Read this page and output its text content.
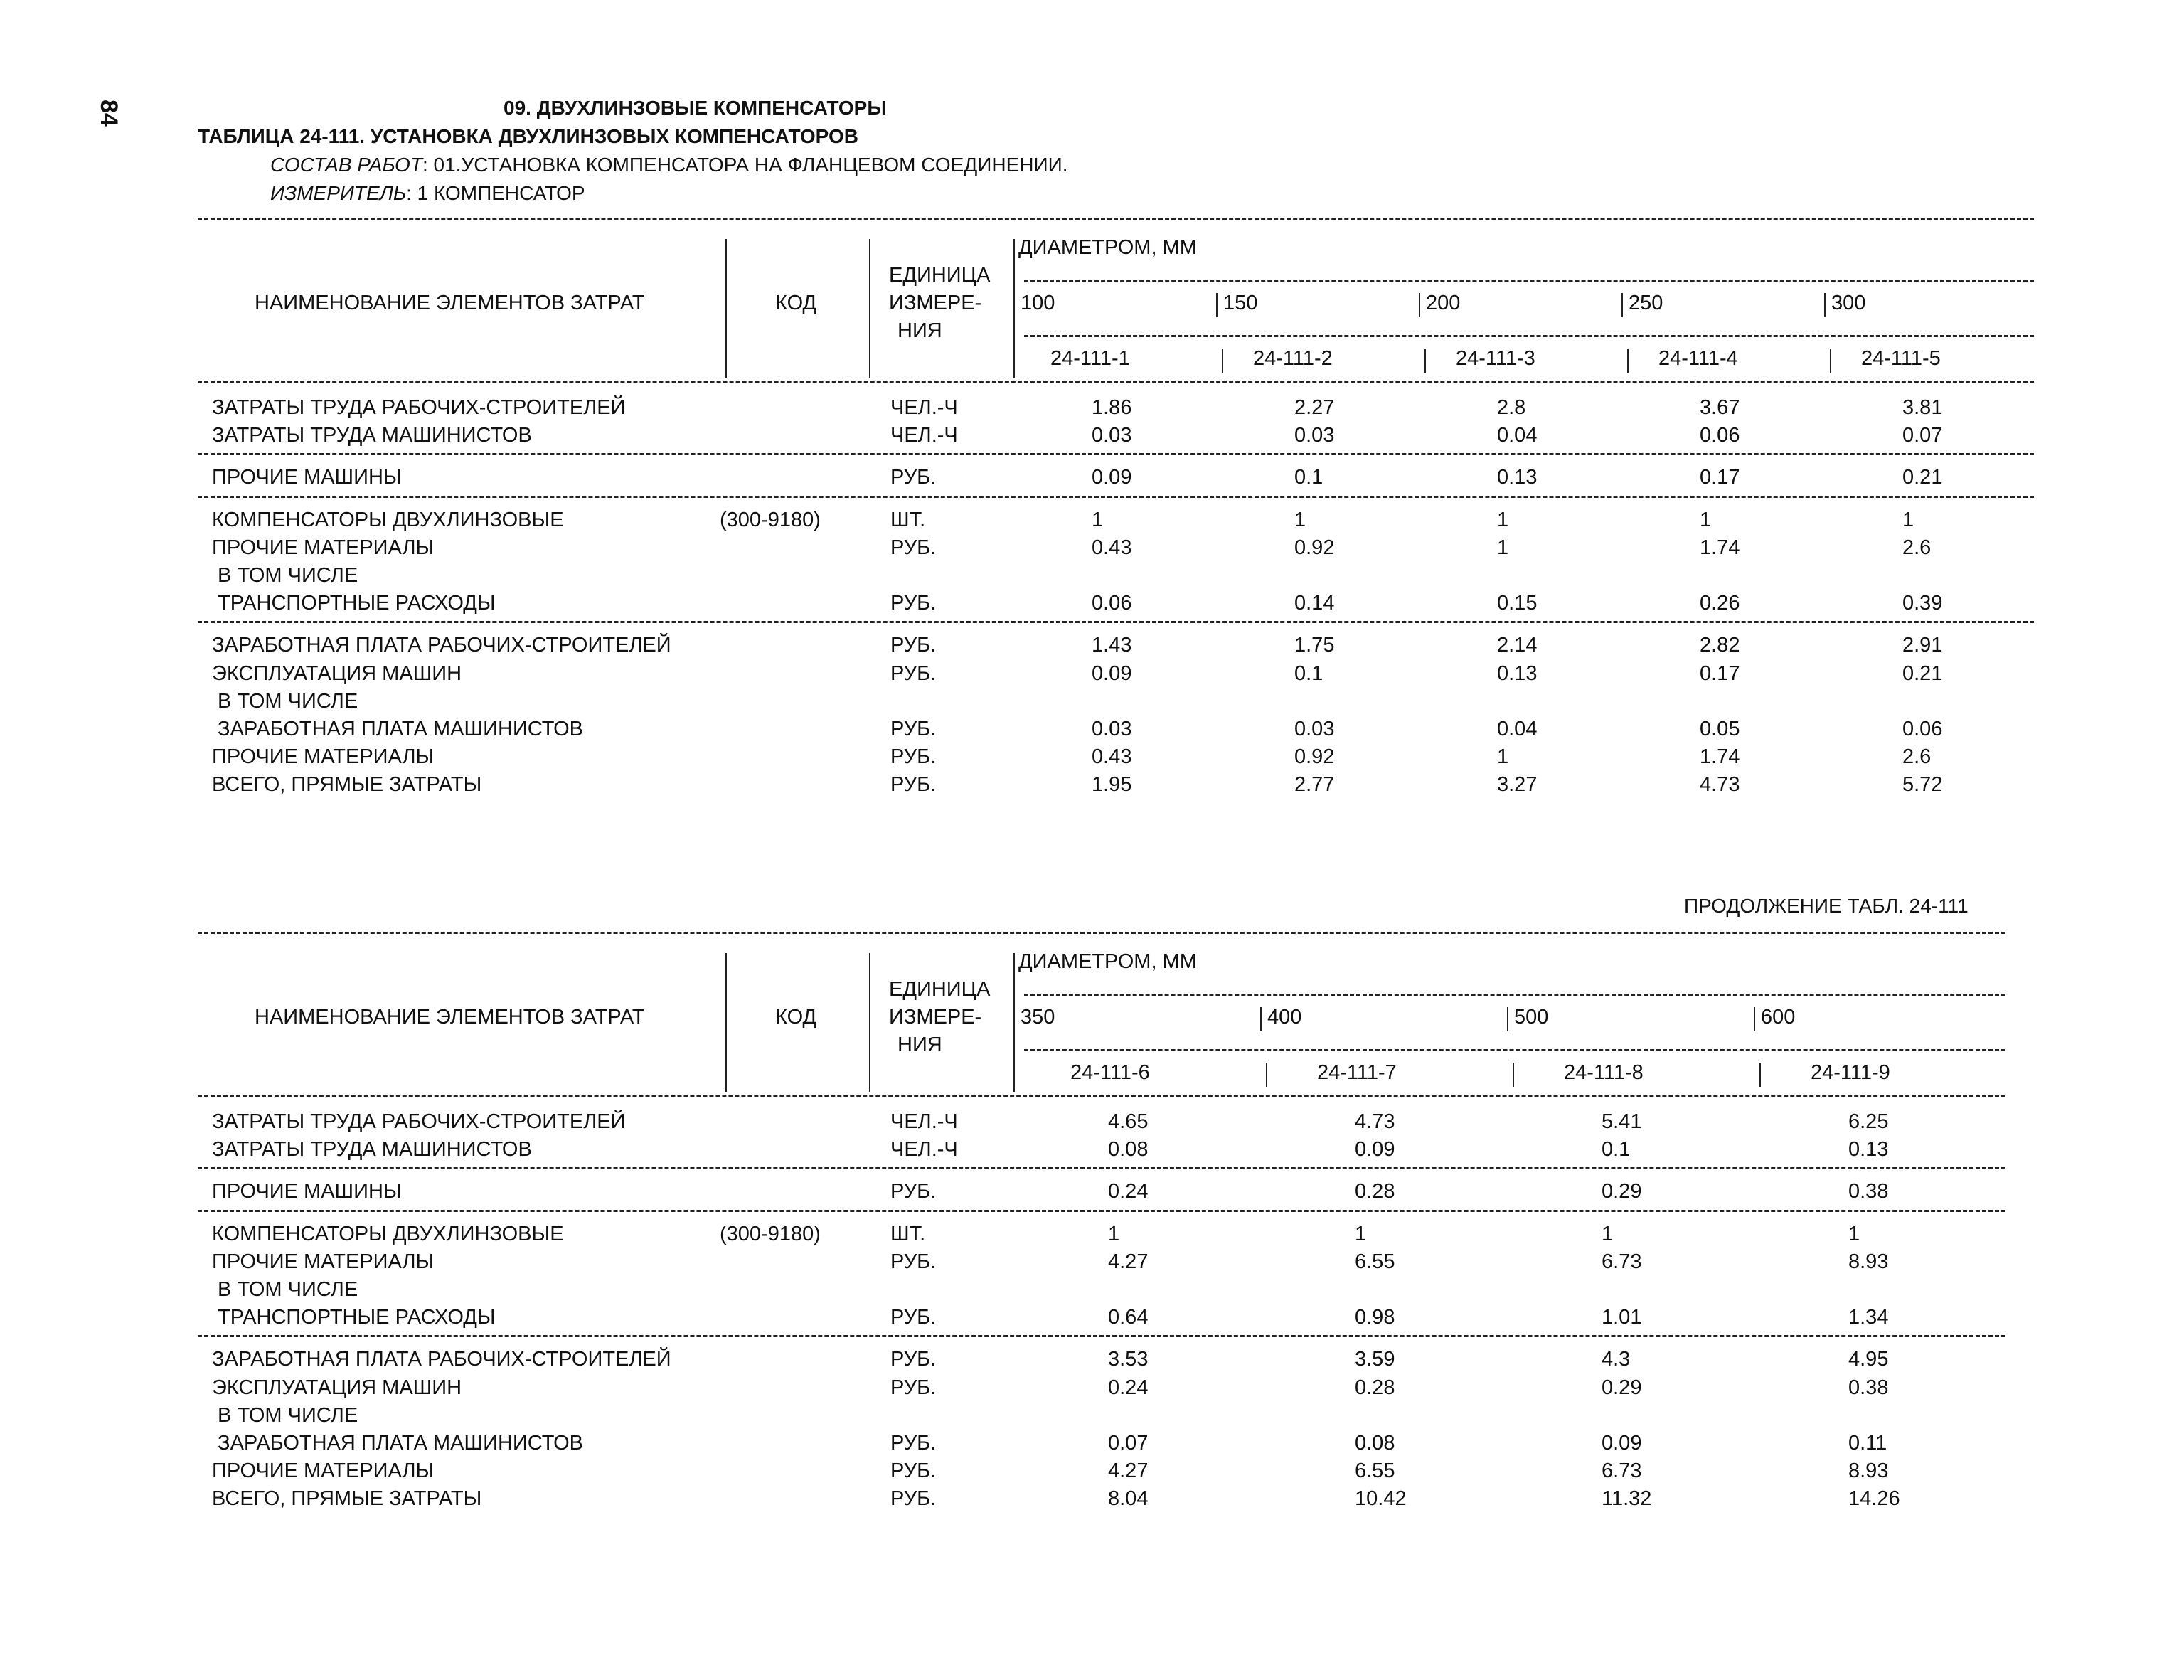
84	09. ДВУХЛИНЗОВЫЕ КОМПЕНСАТОРЫ
ТАБЛИЦА 24-111. УСТАНОВКА ДВУХЛИНЗОВЫХ КОМПЕНСАТОРОВ
СОСТАВ РАБОТ: 01.УСТАНОВКА КОМПЕНСАТОРА НА ФЛАНЦЕВОМ СОЕДИНЕНИИ.
ИЗМЕРИТЕЛЬ: 1 КОМПЕНСАТОР
НАИМЕНОВАНИЕ ЭЛЕМЕНТОВ ЗАТРАТ	КОД
ЕДИНИЦА
ИЗМЕРЕ-
НИЯ
ДИАМЕТРОМ, ММ
100	150	200	250	300
24-111-1	24-111-2	24-111-3	24-111-4	24-111-5
ЗАТРАТЫ ТРУДА РАБОЧИХ-СТРОИТЕЛЕЙ	ЧЕЛ.-Ч	1.86	2.27	2.8	3.67	3.81
ЗАТРАТЫ ТРУДА МАШИНИСТОВ	ЧЕЛ.-Ч	0.03	0.03	0.04	0.06	0.07
ПРОЧИЕ МАШИНЫ	РУБ.	0.09	0.1	0.13	0.17	0.21
КОМПЕНСАТОРЫ ДВУХЛИНЗОВЫЕ	(300-9180)	ШТ.	1	1	1	1	1
ПРОЧИЕ МАТЕРИАЛЫ	РУБ.	0.43	0.92	1	1.74	2.6
В ТОМ ЧИСЛЕ
ТРАНСПОРТНЫЕ РАСХОДЫ	РУБ.	0.06	0.14	0.15	0.26	0.39
ЗАРАБОТНАЯ ПЛАТА РАБОЧИХ-СТРОИТЕЛЕЙ	РУБ.	1.43	1.75	2.14	2.82	2.91
ЭКСПЛУАТАЦИЯ МАШИН	РУБ.	0.09	0.1	0.13	0.17	0.21
В ТОМ ЧИСЛЕ
ЗАРАБОТНАЯ ПЛАТА МАШИНИСТОВ	РУБ.	0.03	0.03	0.04	0.05	0.06
ПРОЧИЕ МАТЕРИАЛЫ	РУБ.	0.43	0.92	1	1.74	2.6
ВСЕГО, ПРЯМЫЕ ЗАТРАТЫ	РУБ.	1.95	2.77	3.27	4.73	5.72
ПРОДОЛЖЕНИЕ ТАБЛ. 24-111
НАИМЕНОВАНИЕ ЭЛЕМЕНТОВ ЗАТРАТ	КОД
ЕДИНИЦА
ИЗМЕРЕ-
НИЯ
ДИАМЕТРОМ, ММ
350	400	500	600
24-111-6	24-111-7	24-111-8	24-111-9
ЗАТРАТЫ ТРУДА РАБОЧИХ-СТРОИТЕЛЕЙ	ЧЕЛ.-Ч	4.65	4.73	5.41	6.25
ЗАТРАТЫ ТРУДА МАШИНИСТОВ	ЧЕЛ.-Ч	0.08	0.09	0.1	0.13
ПРОЧИЕ МАШИНЫ	РУБ.	0.24	0.28	0.29	0.38
КОМПЕНСАТОРЫ ДВУХЛИНЗОВЫЕ	(300-9180)	ШТ.	1	1	1	1
ПРОЧИЕ МАТЕРИАЛЫ	РУБ.	4.27	6.55	6.73	8.93
В ТОМ ЧИСЛЕ
ТРАНСПОРТНЫЕ РАСХОДЫ	РУБ.	0.64	0.98	1.01	1.34
ЗАРАБОТНАЯ ПЛАТА РАБОЧИХ-СТРОИТЕЛЕЙ	РУБ.	3.53	3.59	4.3	4.95
ЭКСПЛУАТАЦИЯ МАШИН	РУБ.	0.24	0.28	0.29	0.38
В ТОМ ЧИСЛЕ
ЗАРАБОТНАЯ ПЛАТА МАШИНИСТОВ	РУБ.	0.07	0.08	0.09	0.11
ПРОЧИЕ МАТЕРИАЛЫ	РУБ.	4.27	6.55	6.73	8.93
ВСЕГО, ПРЯМЫЕ ЗАТРАТЫ	РУБ.	8.04	10.42	11.32	14.26
